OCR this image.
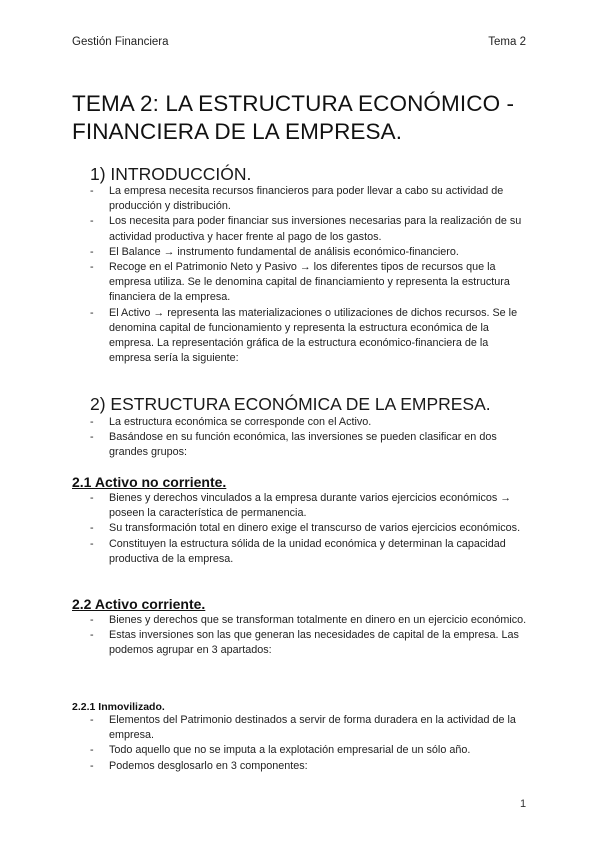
Gestión Financiera	Tema 2
TEMA 2: LA ESTRUCTURA ECONÓMICO - FINANCIERA DE LA EMPRESA.
1) INTRODUCCIÓN.
- La empresa necesita recursos financieros para poder llevar a cabo su actividad de producción y distribución.
- Los necesita para poder financiar sus inversiones necesarias para la realización de su actividad productiva y hacer frente al pago de los gastos.
- El Balance → instrumento fundamental de análisis económico-financiero.
- Recoge en el Patrimonio Neto y Pasivo → los diferentes tipos de recursos que la empresa utiliza. Se le denomina capital de financiamiento y representa la estructura financiera de la empresa.
- El Activo → representa las materializaciones o utilizaciones de dichos recursos. Se le denomina capital de funcionamiento y representa la estructura económica de la empresa. La representación gráfica de la estructura económico-financiera de la empresa sería la siguiente:
2) ESTRUCTURA ECONÓMICA DE LA EMPRESA.
- La estructura económica se corresponde con el Activo.
- Basándose en su función económica, las inversiones se pueden clasificar en dos grandes grupos:
2.1 Activo no corriente.
- Bienes y derechos vinculados a la empresa durante varios ejercicios económicos → poseen la característica de permanencia.
- Su transformación total en dinero exige el transcurso de varios ejercicios económicos.
- Constituyen la estructura sólida de la unidad económica y determinan la capacidad productiva de la empresa.
2.2 Activo corriente.
- Bienes y derechos que se transforman totalmente en dinero en un ejercicio económico.
- Estas inversiones son las que generan las necesidades de capital de la empresa. Las podemos agrupar en 3 apartados:
2.2.1 Inmovilizado.
- Elementos del Patrimonio destinados a servir de forma duradera en la actividad de la empresa.
- Todo aquello que no se imputa a la explotación empresarial de un sólo año.
- Podemos desglosarlo en 3 componentes:
1
